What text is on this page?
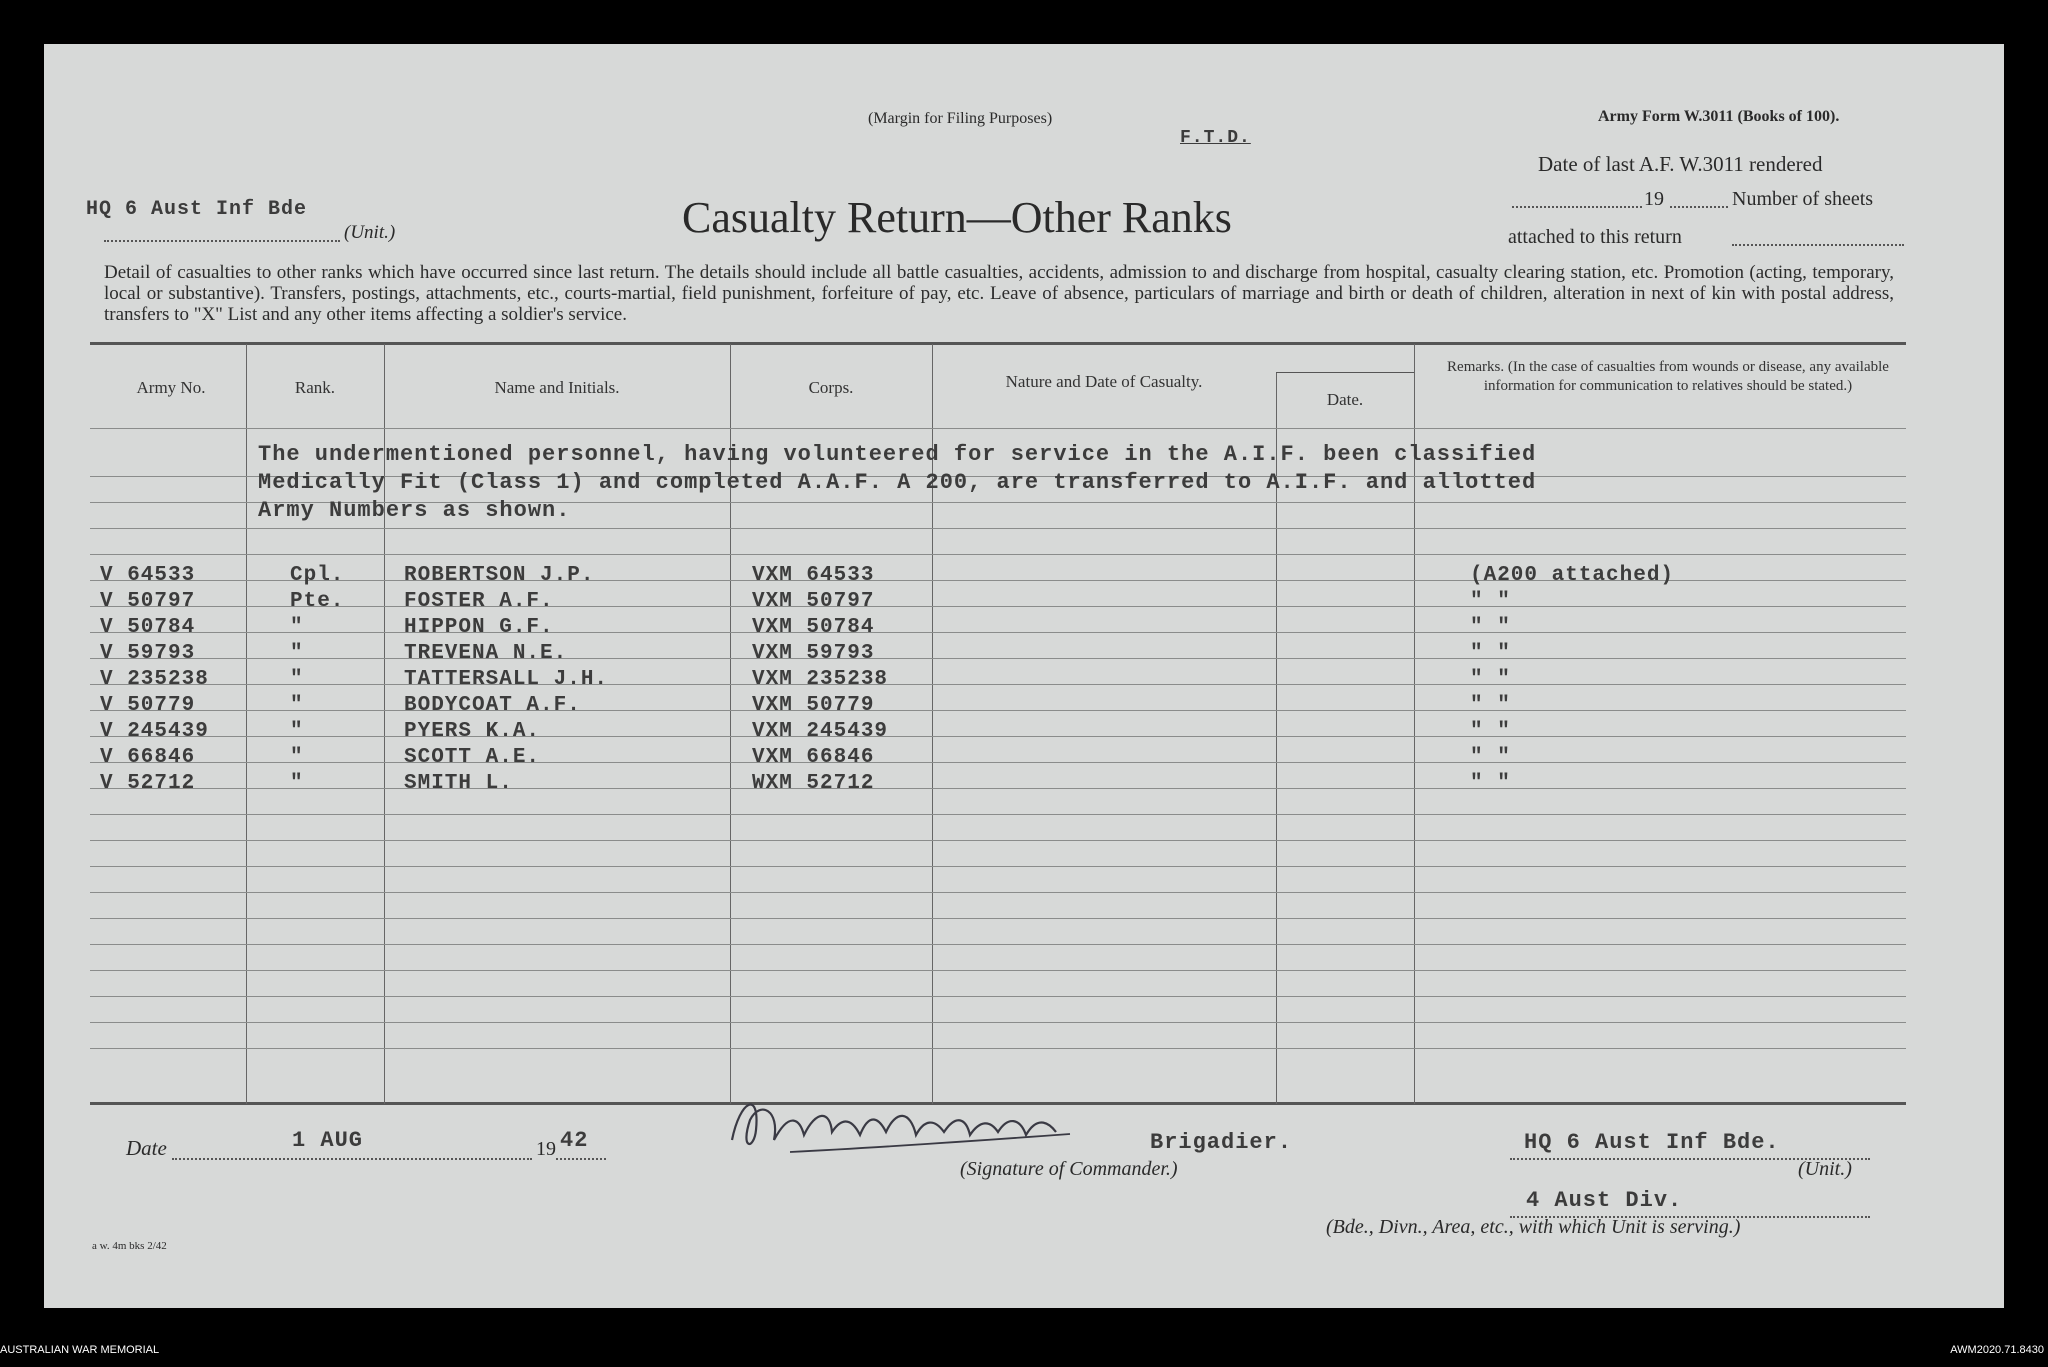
(Margin for Filing Purposes)	Army Form W.3011 (Books of 100).
F.T.D.
HQ 6 Aust Inf Bde
(Unit.)	Casualty Return—Other Ranks
Date of last A.F. W.3011 rendered
19	Number of sheets
attached to this return
Detail of casualties to other ranks which have occurred since last return. The details should include all battle casualties, accidents, admission to and discharge from hospital, casualty clearing station, etc. Promotion (acting, temporary, local or substantive). Transfers, postings, attachments, etc., courts-martial, field punishment, forfeiture of pay, etc. Leave of absence, particulars of marriage and birth or death of children, alteration in next of kin with postal address, transfers to "X" List and any other items affecting a soldier's service.
Army No.	Rank.	Name and Initials.	Corps.	Nature and Date of Casualty.
Date.
Remarks. (In the case of casualties from wounds or disease, any available information for communication to relatives should be stated.)
The undermentioned personnel, having volunteered for service in the A.I.F. been classified
Medically Fit (Class 1) and completed A.A.F. A 200, are transferred to A.I.F. and allotted
Army Numbers as shown.
V 64533	Cpl.	ROBERTSON J.P.	VXM 64533	(A200 attached)
V 50797	Pte.	FOSTER A.F.	VXM 50797	" "
V 50784	"	HIPPON G.F.	VXM 50784	" "
V 59793	"	TREVENA N.E.	VXM 59793	" "
V 235238	"	TATTERSALL J.H.	VXM 235238	" "
V 50779	"	BODYCOAT A.F.	VXM 50779	" "
V 245439	"	PYERS K.A.	VXM 245439	" "
V 66846	"	SCOTT A.E.	VXM 66846	" "
V 52712	"	SMITH L.	WXM 52712	" "
Date	1 AUG	19 42	Brigadier.
(Signature of Commander.)
HQ 6 Aust Inf Bde.
(Unit.)
4 Aust Div.
(Bde., Divn., Area, etc., with which Unit is serving.)
a w. 4m bks 2/42
AUSTRALIAN WAR MEMORIAL	AWM2020.71.8430
